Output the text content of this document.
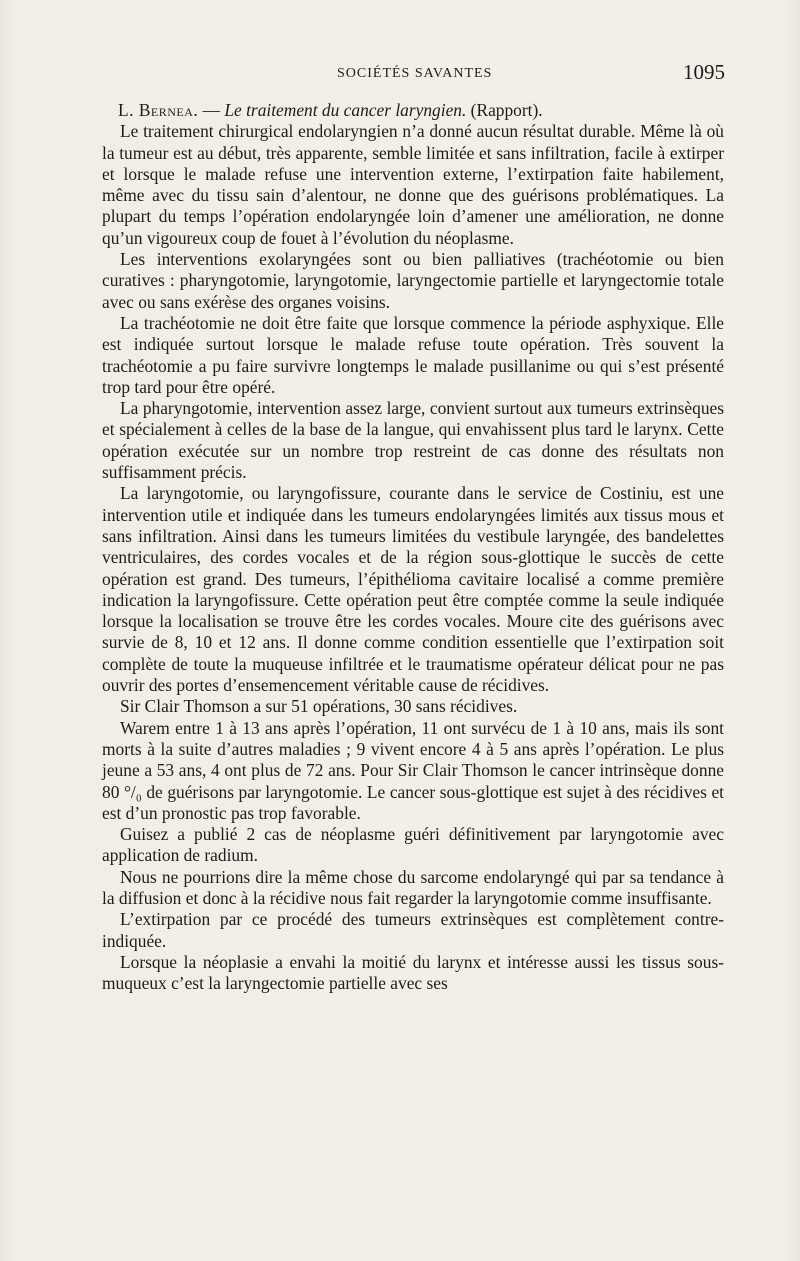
SOCIÉTÉS SAVANTES	1095

L. Bernea. — Le traitement du cancer laryngien. (Rapport).

Le traitement chirurgical endolaryngien n’a donné aucun résultat durable. Même là où la tumeur est au début, très apparente, semble limitée et sans infiltration, facile à extirper et lorsque le malade refuse une intervention externe, l’extirpation faite habilement, même avec du tissu sain d’alentour, ne donne que des guérisons problématiques. La plupart du temps l’opération endolaryngée loin d’amener une amélioration, ne donne qu’un vigoureux coup de fouet à l’évolution du néoplasme.

Les interventions exolaryngées sont ou bien palliatives (trachéotomie ou bien curatives : pharyngotomie, laryngotomie, laryngectomie partielle et laryngectomie totale avec ou sans exérèse des organes voisins.

La trachéotomie ne doit être faite que lorsque commence la période asphyxique. Elle est indiquée surtout lorsque le malade refuse toute opération. Très souvent la trachéotomie a pu faire survivre longtemps le malade pusillanime ou qui s’est présenté trop tard pour être opéré.

La pharyngotomie, intervention assez large, convient surtout aux tumeurs extrinsèques et spécialement à celles de la base de la langue, qui envahissent plus tard le larynx. Cette opération exécutée sur un nombre trop restreint de cas donne des résultats non suffisamment précis.

La laryngotomie, ou laryngofissure, courante dans le service de Costiniu, est une intervention utile et indiquée dans les tumeurs endolaryngées limités aux tissus mous et sans infiltration. Ainsi dans les tumeurs limitées du vestibule laryngée, des bandelettes ventriculaires, des cordes vocales et de la région sous-glottique le succès de cette opération est grand. Des tumeurs, l’épithélioma cavitaire localisé a comme première indication la laryngofissure. Cette opération peut être comptée comme la seule indiquée lorsque la localisation se trouve être les cordes vocales. Moure cite des guérisons avec survie de 8, 10 et 12 ans. Il donne comme condition essentielle que l’extirpation soit complète de toute la muqueuse infiltrée et le traumatisme opérateur délicat pour ne pas ouvrir des portes d’ensemencement véritable cause de récidives.

Sir Clair Thomson a sur 51 opérations, 30 sans récidives.

Warem entre 1 à 13 ans après l’opération, 11 ont survécu de 1 à 10 ans, mais ils sont morts à la suite d’autres maladies ; 9 vivent encore 4 à 5 ans après l’opération. Le plus jeune a 53 ans, 4 ont plus de 72 ans. Pour Sir Clair Thomson le cancer intrinsèque donne 80 °/₀ de guérisons par laryngotomie. Le cancer sous-glottique est sujet à des récidives et est d’un pronostic pas trop favorable.

Guisez a publié 2 cas de néoplasme guéri définitivement par laryngotomie avec application de radium.

Nous ne pourrions dire la même chose du sarcome endolaryngé qui par sa tendance à la diffusion et donc à la récidive nous fait regarder la laryngotomie comme insuffisante.

L’extirpation par ce procédé des tumeurs extrinsèques est complètement contre-indiquée.

Lorsque la néoplasie a envahi la moitié du larynx et intéresse aussi les tissus sous-muqueux c’est la laryngectomie partielle avec ses
